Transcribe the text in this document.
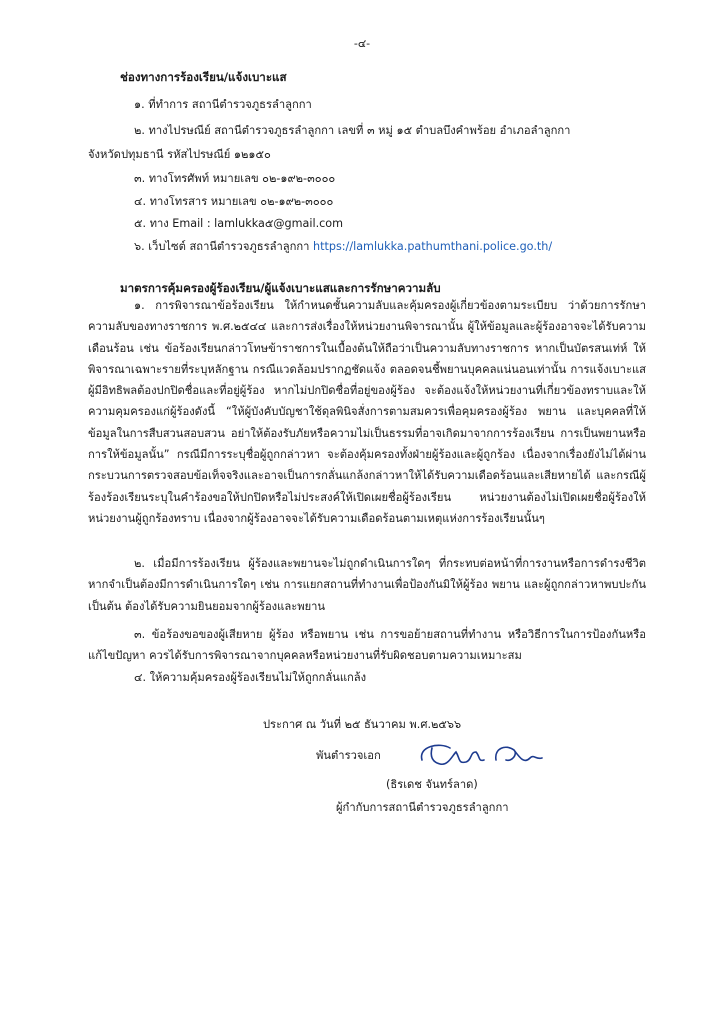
-๔-
ช่องทางการร้องเรียน/แจ้งเบาะแส
๑. ที่ทำการ สถานีตำรวจภูธรลำลูกกา
๒. ทางไปรษณีย์ สถานีตำรวจภูธรลำลูกกา เลขที่ ๓ หมู่ ๑๕ ตำบลบึงคำพร้อย อำเภอลำลูกกา
จังหวัดปทุมธานี รหัสไปรษณีย์ ๑๒๑๕๐
๓. ทางโทรศัพท์ หมายเลข ๐๒-๑๙๒-๓๐๐๐
๔. ทางโทรสาร หมายเลข ๐๒-๑๙๒-๓๐๐๐
๕. ทาง Email : lamlukka๕@gmail.com
๖. เว็บไซต์ สถานีตำรวจภูธรลำลูกกา https://lamlukka.pathumthani.police.go.th/
มาตรการคุ้มครองผู้ร้องเรียน/ผู้แจ้งเบาะแสและการรักษาความลับ

๑. การพิจารณาข้อร้องเรียน ให้กำหนดชั้นความลับและคุ้มครองผู้เกี่ยวข้องตามระเบียบ ว่าด้วยการรักษาความลับของทางราชการ พ.ศ.๒๕๔๔ และการส่งเรื่องให้หน่วยงานพิจารณานั้น ผู้ให้ข้อมูลและผู้ร้องอาจจะได้รับความเดือนร้อน เช่น ข้อร้องเรียนกล่าวโทษข้าราชการในเบื้องต้นให้ถือว่าเป็นความลับทางราชการ หากเป็นบัตรสนเท่ห์ ให้พิจารณาเฉพาะรายที่ระบุหลักฐาน กรณีแวดล้อมปรากฏชัดแจ้ง ตลอดจนชี้พยานบุคคลแน่นอนเท่านั้น การแจ้งเบาะแสผู้มีอิทธิพลต้องปกปิดชื่อและที่อยู่ผู้ร้อง หากไม่ปกปิดชื่อที่อยู่ของผู้ร้อง จะต้องแจ้งให้หน่วยงานที่เกี่ยวข้องทราบและให้ความคุมครองแก่ผู้ร้องดังนี้ “ให้ผู้บังคับบัญชาใช้ดุลพินิจสั่งการตามสมควรเพื่อคุมครองผู้ร้อง พยาน และบุคคลที่ให้ข้อมูลในการสืบสวนสอบสวน อย่าให้ต้องรับภัยหรือความไม่เป็นธรรมที่อาจเกิดมาจากการร้องเรียน การเป็นพยานหรือการให้ข้อมูลนั้น” กรณีมีการระบุชื่อผู้ถูกกล่าวหา จะต้องคุ้มครองทั้งฝ่ายผู้ร้องและผู้ถูกร้อง เนื่องจากเรื่องยังไม่ได้ผ่านกระบวนการตรวจสอบข้อเท็จจริงและอาจเป็นการกลั่นแกล้งกล่าวหาให้ได้รับความเดือดร้อนและเสียหายได้ และกรณีผู้ร้องร้องเรียนระบุในคำร้องขอให้ปกปิดหรือไม่ประสงค์ให้เปิดเผยชื่อผู้ร้องเรียน หน่วยงานต้องไม่เปิดเผยชื่อผู้ร้องให้หน่วยงานผู้ถูกร้องทราบ เนื่องจากผู้ร้องอาจจะได้รับความเดือดร้อนตามเหตุแห่งการร้องเรียนนั้นๆ

๒. เมื่อมีการร้องเรียน ผู้ร้องและพยานจะไม่ถูกดำเนินการใดๆ ที่กระทบต่อหน้าที่การงานหรือการดำรงชีวิต หากจำเป็นต้องมีการดำเนินการใดๆ เช่น การแยกสถานที่ทำงานเพื่อป้องกันมิให้ผู้ร้อง พยาน และผู้ถูกกล่าวหาพบปะกัน เป็นต้น ต้องได้รับความยินยอมจากผู้ร้องและพยาน

๓. ข้อร้องขอของผู้เสียหาย ผู้ร้อง หรือพยาน เช่น การขอย้ายสถานที่ทำงาน หรือวิธีการในการป้องกันหรือแก้ไขปัญหา ควรได้รับการพิจารณาจากบุคคลหรือหน่วยงานที่รับผิดชอบตามความเหมาะสม

๔. ให้ความคุ้มครองผู้ร้องเรียนไม่ให้ถูกกลั่นแกล้ง

ประกาศ ณ วันที่ ๒๕ ธันวาคม พ.ศ.๒๕๖๖
พันตำรวจเอก
(ธิรเดช จันทร์ลาด)
ผู้กำกับการสถานีตำรวจภูธรลำลูกกา
